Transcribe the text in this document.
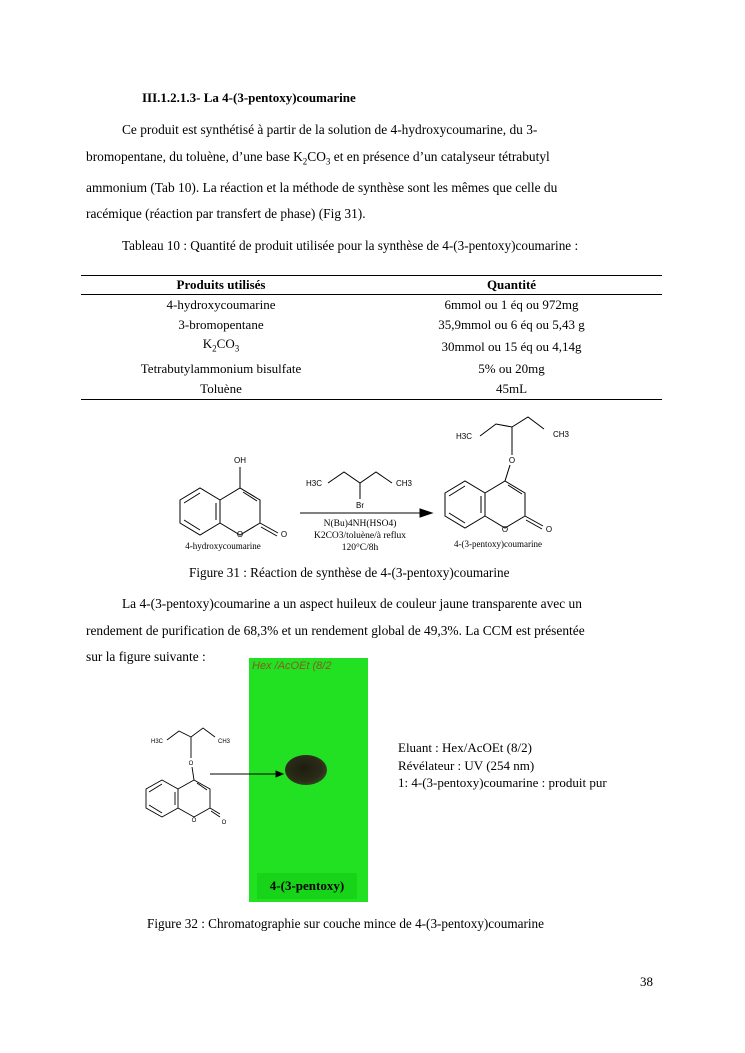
III.1.2.1.3- La 4-(3-pentoxy)coumarine
Ce produit est synthétisé à partir de la solution de 4-hydroxycoumarine, du 3-
bromopentane, du toluène, d’une base $K_2CO_3$ et en présence d’un catalyseur tétrabutyl
ammonium (Tab 10). La réaction et la méthode de synthèse sont les mêmes que celle du
racémique (réaction par transfert de phase) (Fig 31).
Tableau 10 : Quantité de produit utilisée pour la synthèse de 4-(3-pentoxy)coumarine :
Produits utilisés	Quantité
4-hydroxycoumarine	6mmol ou 1 éq ou 972mg
3-bromopentane	35,9mmol ou 6 éq ou 5,43 g
$K_2CO_3$	30mmol ou 15 éq ou 4,14g
Tetrabutylammonium bisulfate	5% ou 20mg
Toluène	45mL
OH
O	O
Br
H3C	CH3
O	O
O
H3C	CH3
4-hydroxycoumarine	4-(3-pentoxy)coumarine
N(Bu)4NH(HSO4)
K2CO3/toluène/à reflux
120°C/8h
Figure 31 : Réaction de synthèse de 4-(3-pentoxy)coumarine
La 4-(3-pentoxy)coumarine a un aspect huileux de couleur jaune transparente avec un
rendement de purification de 68,3% et un rendement global de 49,3%. La CCM est présentée
sur la figure suivante :
Hex /AcOEt (8/2
4-(3-pentoxy)
O
O	O
H3C	CH3	Eluant : Hex/AcOEt (8/2)
Révélateur : UV (254 nm)
1: 4-(3-pentoxy)coumarine : produit pur
Figure 32 : Chromatographie sur couche mince de 4-(3-pentoxy)coumarine
38
